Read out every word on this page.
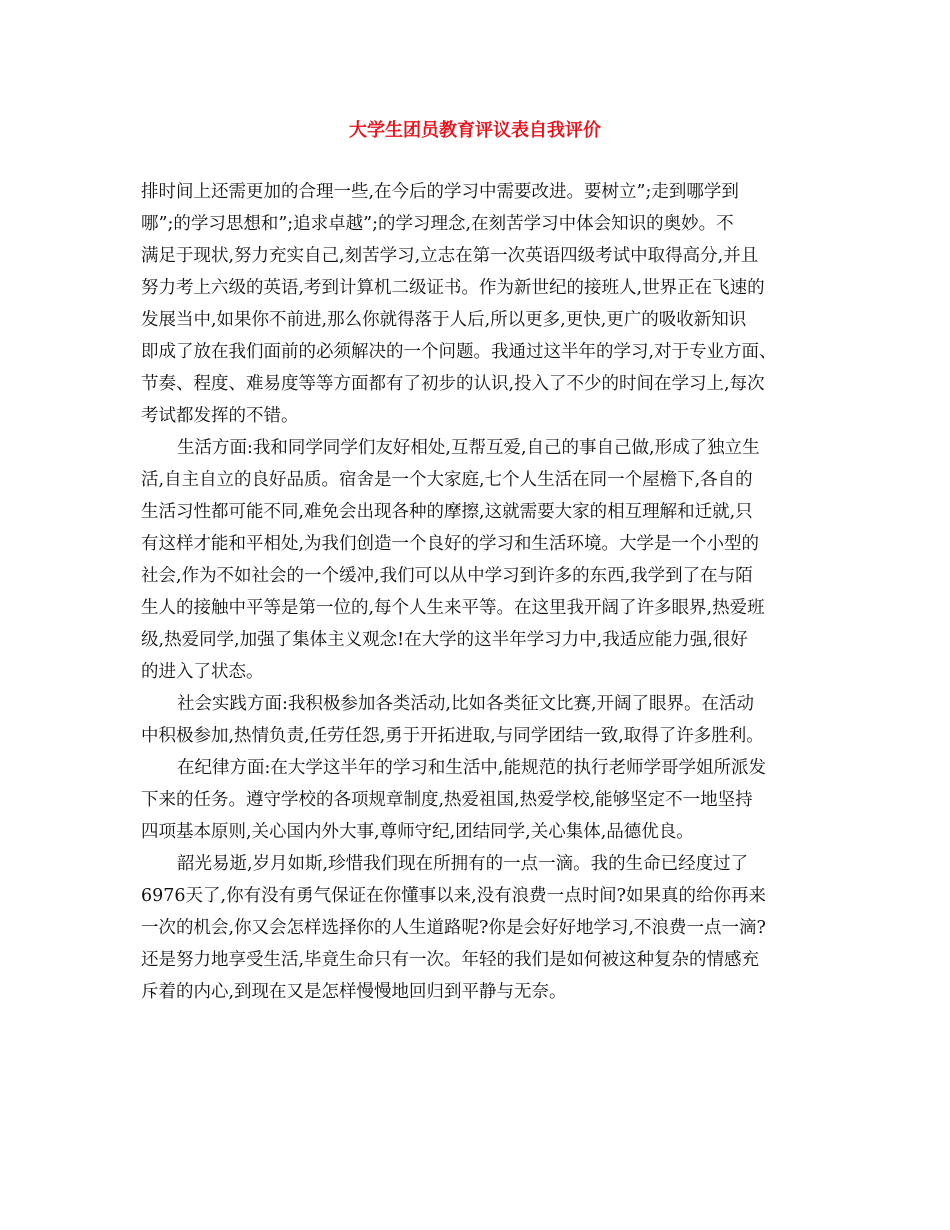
大学生团员教育评议表自我评价
排时间上还需更加的合理一些,在今后的学习中需要改进。要树立”;走到哪学到
哪”;的学习思想和”;追求卓越”;的学习理念,在刻苦学习中体会知识的奥妙。不
满足于现状,努力充实自己,刻苦学习,立志在第一次英语四级考试中取得高分,并且
努力考上六级的英语,考到计算机二级证书。作为新世纪的接班人,世界正在飞速的
发展当中,如果你不前进,那么你就得落于人后,所以更多,更快,更广的吸收新知识
即成了放在我们面前的必须解决的一个问题。我通过这半年的学习,对于专业方面、
节奏、程度、难易度等等方面都有了初步的认识,投入了不少的时间在学习上,每次
考试都发挥的不错。
生活方面:我和同学同学们友好相处,互帮互爱,自己的事自己做,形成了独立生
活,自主自立的良好品质。宿舍是一个大家庭,七个人生活在同一个屋檐下,各自的
生活习性都可能不同,难免会出现各种的摩擦,这就需要大家的相互理解和迁就,只
有这样才能和平相处,为我们创造一个良好的学习和生活环境。大学是一个小型的
社会,作为不如社会的一个缓冲,我们可以从中学习到许多的东西,我学到了在与陌
生人的接触中平等是第一位的,每个人生来平等。在这里我开阔了许多眼界,热爱班
级,热爱同学,加强了集体主义观念!在大学的这半年学习力中,我适应能力强,很好
的进入了状态。
社会实践方面:我积极参加各类活动,比如各类征文比赛,开阔了眼界。在活动
中积极参加,热情负责,任劳任怨,勇于开拓进取,与同学团结一致,取得了许多胜利。
在纪律方面:在大学这半年的学习和生活中,能规范的执行老师学哥学姐所派发
下来的任务。遵守学校的各项规章制度,热爱祖国,热爱学校,能够坚定不一地坚持
四项基本原则,关心国内外大事,尊师守纪,团结同学,关心集体,品德优良。
韶光易逝,岁月如斯,珍惜我们现在所拥有的一点一滴。我的生命已经度过了
6976天了,你有没有勇气保证在你懂事以来,没有浪费一点时间?如果真的给你再来
一次的机会,你又会怎样选择你的人生道路呢?你是会好好地学习,不浪费一点一滴?
还是努力地享受生活,毕竟生命只有一次。年轻的我们是如何被这种复杂的情感充
斥着的内心,到现在又是怎样慢慢地回归到平静与无奈。
